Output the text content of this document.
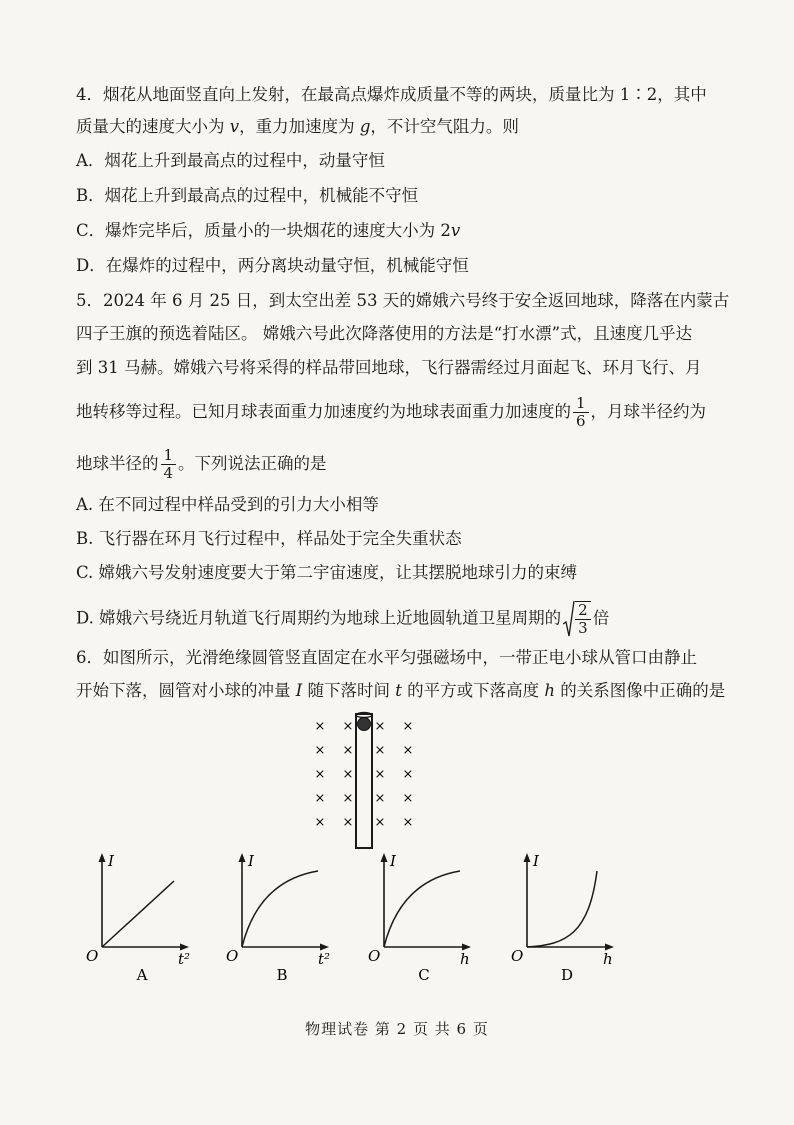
4．烟花从地面竖直向上发射，在最高点爆炸成质量不等的两块，质量比为 1∶2，其中
质量大的速度大小为 v，重力加速度为 g，不计空气阻力。则
A．烟花上升到最高点的过程中，动量守恒
B．烟花上升到最高点的过程中，机械能不守恒
C．爆炸完毕后，质量小的一块烟花的速度大小为 2v
D．在爆炸的过程中，两分离块动量守恒，机械能守恒
5．2024 年 6 月 25 日，到太空出差 53 天的嫦娥六号终于安全返回地球，降落在内蒙古
四子王旗的预选着陆区。 嫦娥六号此次降落使用的方法是“打水漂”式，且速度几乎达
到 31 马赫。嫦娥六号将采得的样品带回地球，飞行器需经过月面起飞、环月飞行、月
地转移等过程。已知月球表面重力加速度约为地球表面重力加速度的 $\frac{1}{6}$ ，月球半径约为
地球半径的 $\frac{1}{4}$ 。下列说法正确的是
A. 在不同过程中样品受到的引力大小相等
B. 飞行器在环月飞行过程中，样品处于完全失重状态
C. 嫦娥六号发射速度要大于第二宇宙速度，让其摆脱地球引力的束缚
D. 嫦娥六号绕近月轨道飞行周期约为地球上近地圆轨道卫星周期的 $\frac{2}{3}$ 倍
6．如图所示，光滑绝缘圆管竖直固定在水平匀强磁场中，一带正电小球从管口由静止
开始下落，圆管对小球的冲量 I 随下落时间 t 的平方或下落高度 h 的关系图像中正确的是
× × × ×
× × × ×
× × × ×
× × × ×
× × × ×
I
t²
O
A
I
t²
O
B
I
h
O
C
I
h
O
D
物理试卷 第 2 页 共 6 页
